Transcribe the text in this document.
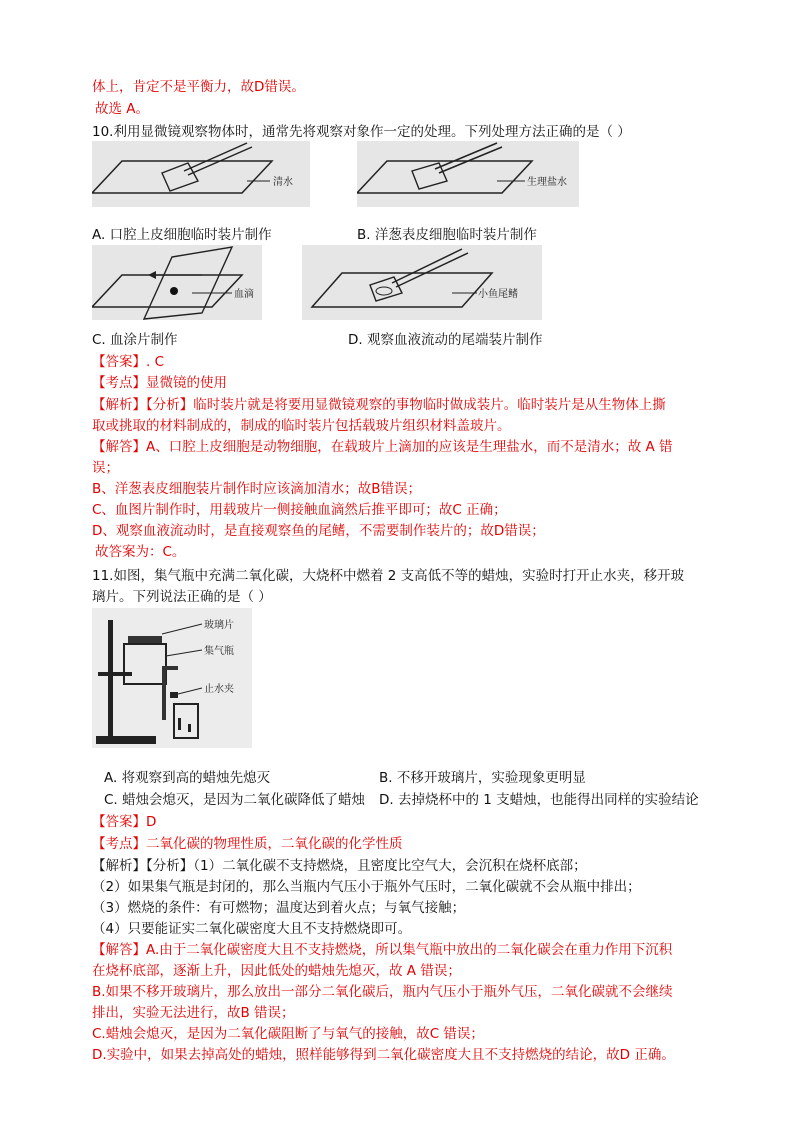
体上，肯定不是平衡力，故D错误。
故选 A。
10.利用显微镜观察物体时，通常先将观察对象作一定的处理。下列处理方法正确的是（ ）
清水	生理盐水
A. 口腔上皮细胞临时装片制作	B. 洋葱表皮细胞临时装片制作
血滴	小鱼尾鳍
C. 血涂片制作	D. 观察血液流动的尾端装片制作
【答案】. C
【考点】显微镜的使用
【解析】【分析】临时装片就是将要用显微镜观察的事物临时做成装片。临时装片是从生物体上撕
取或挑取的材料制成的，制成的临时装片包括载玻片组织材料盖玻片。
【解答】A、口腔上皮细胞是动物细胞，在载玻片上滴加的应该是生理盐水，而不是清水；故 A 错
误；
B、洋葱表皮细胞装片制作时应该滴加清水；故B错误；
C、血图片制作时，用载玻片一侧接触血滴然后推平即可；故C 正确；
D、观察血液流动时，是直接观察鱼的尾鳍，不需要制作装片的；故D错误；
故答案为：C。
11.如图，集气瓶中充满二氧化碳，大烧杯中燃着 2 支高低不等的蜡烛，实验时打开止水夹，移开玻
璃片。下列说法正确的是（ ）
玻璃片
集气瓶
止水夹
A. 将观察到高的蜡烛先熄灭	B. 不移开玻璃片，实验现象更明显
C. 蜡烛会熄灭，是因为二氧化碳降低了蜡烛 D. 去掉烧杯中的 1 支蜡烛，也能得出同样的实验结论
【答案】D
【考点】二氧化碳的物理性质，二氧化碳的化学性质
【解析】【分析】（1）二氧化碳不支持燃烧，且密度比空气大，会沉积在烧杯底部；
（2）如果集气瓶是封闭的，那么当瓶内气压小于瓶外气压时，二氧化碳就不会从瓶中排出；
（3）燃烧的条件：有可燃物；温度达到着火点；与氧气接触；
（4）只要能证实二氧化碳密度大且不支持燃烧即可。
【解答】A.由于二氧化碳密度大且不支持燃烧，所以集气瓶中放出的二氧化碳会在重力作用下沉积
在烧杯底部，逐渐上升，因此低处的蜡烛先熄灭，故 A 错误；
B.如果不移开玻璃片，那么放出一部分二氧化碳后，瓶内气压小于瓶外气压，二氧化碳就不会继续
排出，实验无法进行，故B 错误；
C.蜡烛会熄灭，是因为二氧化碳阻断了与氧气的接触，故C 错误；
D.实验中，如果去掉高处的蜡烛，照样能够得到二氧化碳密度大且不支持燃烧的结论，故D 正确。
